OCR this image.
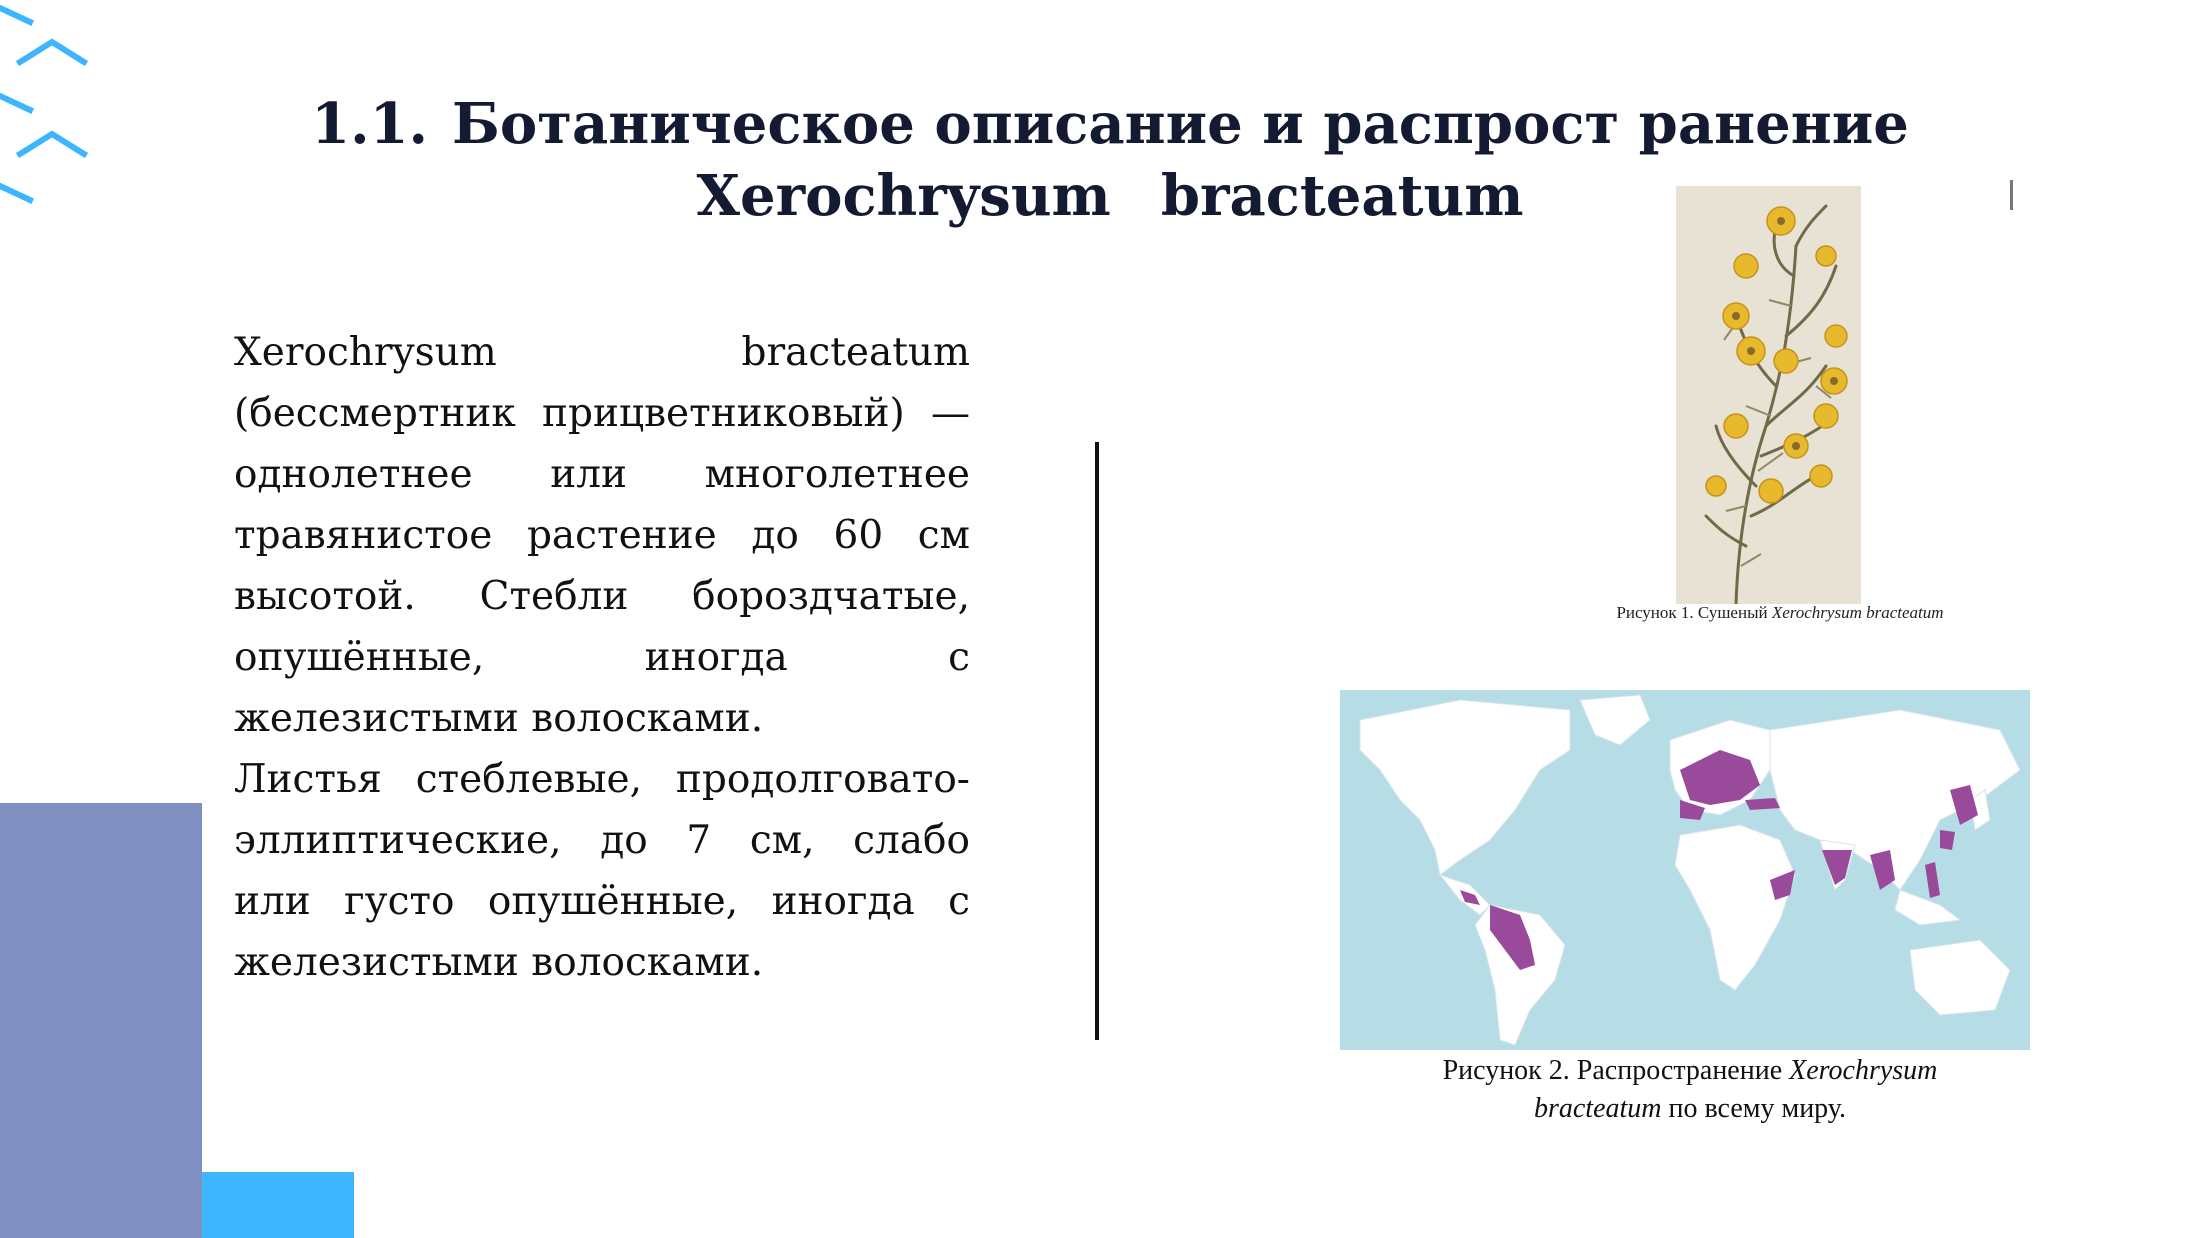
1.1. Ботаническое описание и распрост ранение
Xerochrysum bracteatum
Xerochrysum bracteatum
(бессмертник прицветниковый) —
однолетнее или многолетнее
травянистое растение до 60 см
высотой. Стебли бороздчатые,
опушённые, иногда с
железистыми волосками.
Листья стеблевые, продолговато-
эллиптические, до 7 см, слабо
или густо опушённые, иногда с
железистыми волосками.
Рисунок 1. Сушеный Xerochrysum bracteatum
Рисунок 2. Распространение Xerochrysum
bracteatum по всему миру.
